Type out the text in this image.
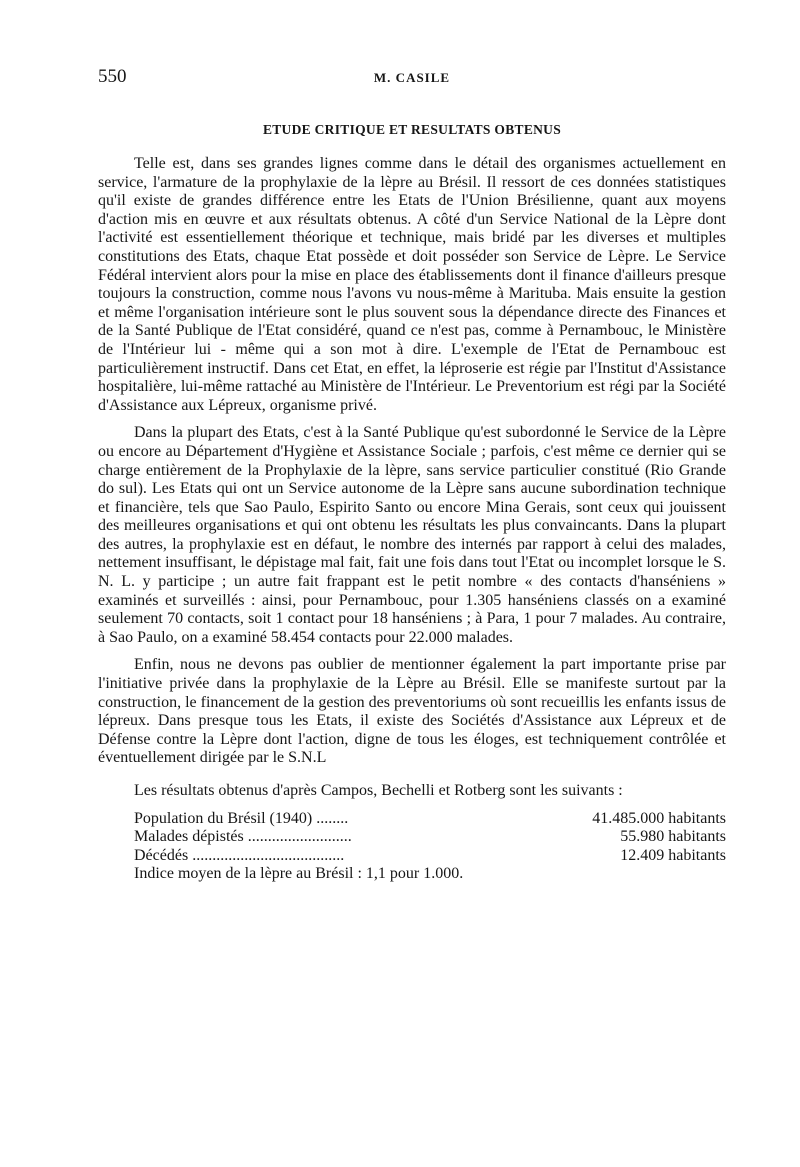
550	M. CASILE
ETUDE CRITIQUE ET RESULTATS OBTENUS

Telle est, dans ses grandes lignes comme dans le détail des organismes actuellement en service, l'armature de la prophylaxie de la lèpre au Brésil. Il ressort de ces données statistiques qu'il existe de grandes différence entre les Etats de l'Union Brésilienne, quant aux moyens d'action mis en œuvre et aux résultats obtenus. A côté d'un Service National de la Lèpre dont l'activité est essentiellement théorique et technique, mais bridé par les diverses et multiples constitutions des Etats, chaque Etat possède et doit posséder son Service de Lèpre. Le Service Fédéral intervient alors pour la mise en place des établissements dont il finance d'ailleurs presque toujours la construction, comme nous l'avons vu nous-même à Marituba. Mais ensuite la gestion et même l'organisation intérieure sont le plus souvent sous la dépendance directe des Finances et de la Santé Publique de l'Etat considéré, quand ce n'est pas, comme à Pernambouc, le Ministère de l'Intérieur lui - même qui a son mot à dire. L'exemple de l'Etat de Pernambouc est particulièrement instructif. Dans cet Etat, en effet, la léproserie est régie par l'Institut d'Assistance hospitalière, lui-même rattaché au Ministère de l'Intérieur. Le Preventorium est régi par la Société d'Assistance aux Lépreux, organisme privé.

Dans la plupart des Etats, c'est à la Santé Publique qu'est subordonné le Service de la Lèpre ou encore au Département d'Hygiène et Assistance Sociale ; parfois, c'est même ce dernier qui se charge entièrement de la Prophylaxie de la lèpre, sans service particulier constitué (Rio Grande do sul). Les Etats qui ont un Service autonome de la Lèpre sans aucune subordination technique et financière, tels que Sao Paulo, Espirito Santo ou encore Mina Gerais, sont ceux qui jouissent des meilleures organisations et qui ont obtenu les résultats les plus convaincants. Dans la plupart des autres, la prophylaxie est en défaut, le nombre des internés par rapport à celui des malades, nettement insuffisant, le dépistage mal fait, fait une fois dans tout l'Etat ou incomplet lorsque le S. N. L. y participe ; un autre fait frappant est le petit nombre « des contacts d'hanséniens » examinés et surveillés : ainsi, pour Pernambouc, pour 1.305 hanséniens classés on a examiné seulement 70 contacts, soit 1 contact pour 18 hanséniens ; à Para, 1 pour 7 malades. Au contraire, à Sao Paulo, on a examiné 58.454 contacts pour 22.000 malades.

Enfin, nous ne devons pas oublier de mentionner également la part importante prise par l'initiative privée dans la prophylaxie de la Lèpre au Brésil. Elle se manifeste surtout par la construction, le financement de la gestion des preventoriums où sont recueillis les enfants issus de lépreux. Dans presque tous les Etats, il existe des Sociétés d'Assistance aux Lépreux et de Défense contre la Lèpre dont l'action, digne de tous les éloges, est techniquement contrôlée et éventuellement dirigée par le S.N.L

Les résultats obtenus d'après Campos, Bechelli et Rotberg sont les suivants :

Population du Brésil (1940) ........	41.485.000 habitants
Malades dépistés ..........................	55.980 habitants
Décédés ......................................	12.409 habitants
Indice moyen de la lèpre au Brésil : 1,1 pour 1.000.
